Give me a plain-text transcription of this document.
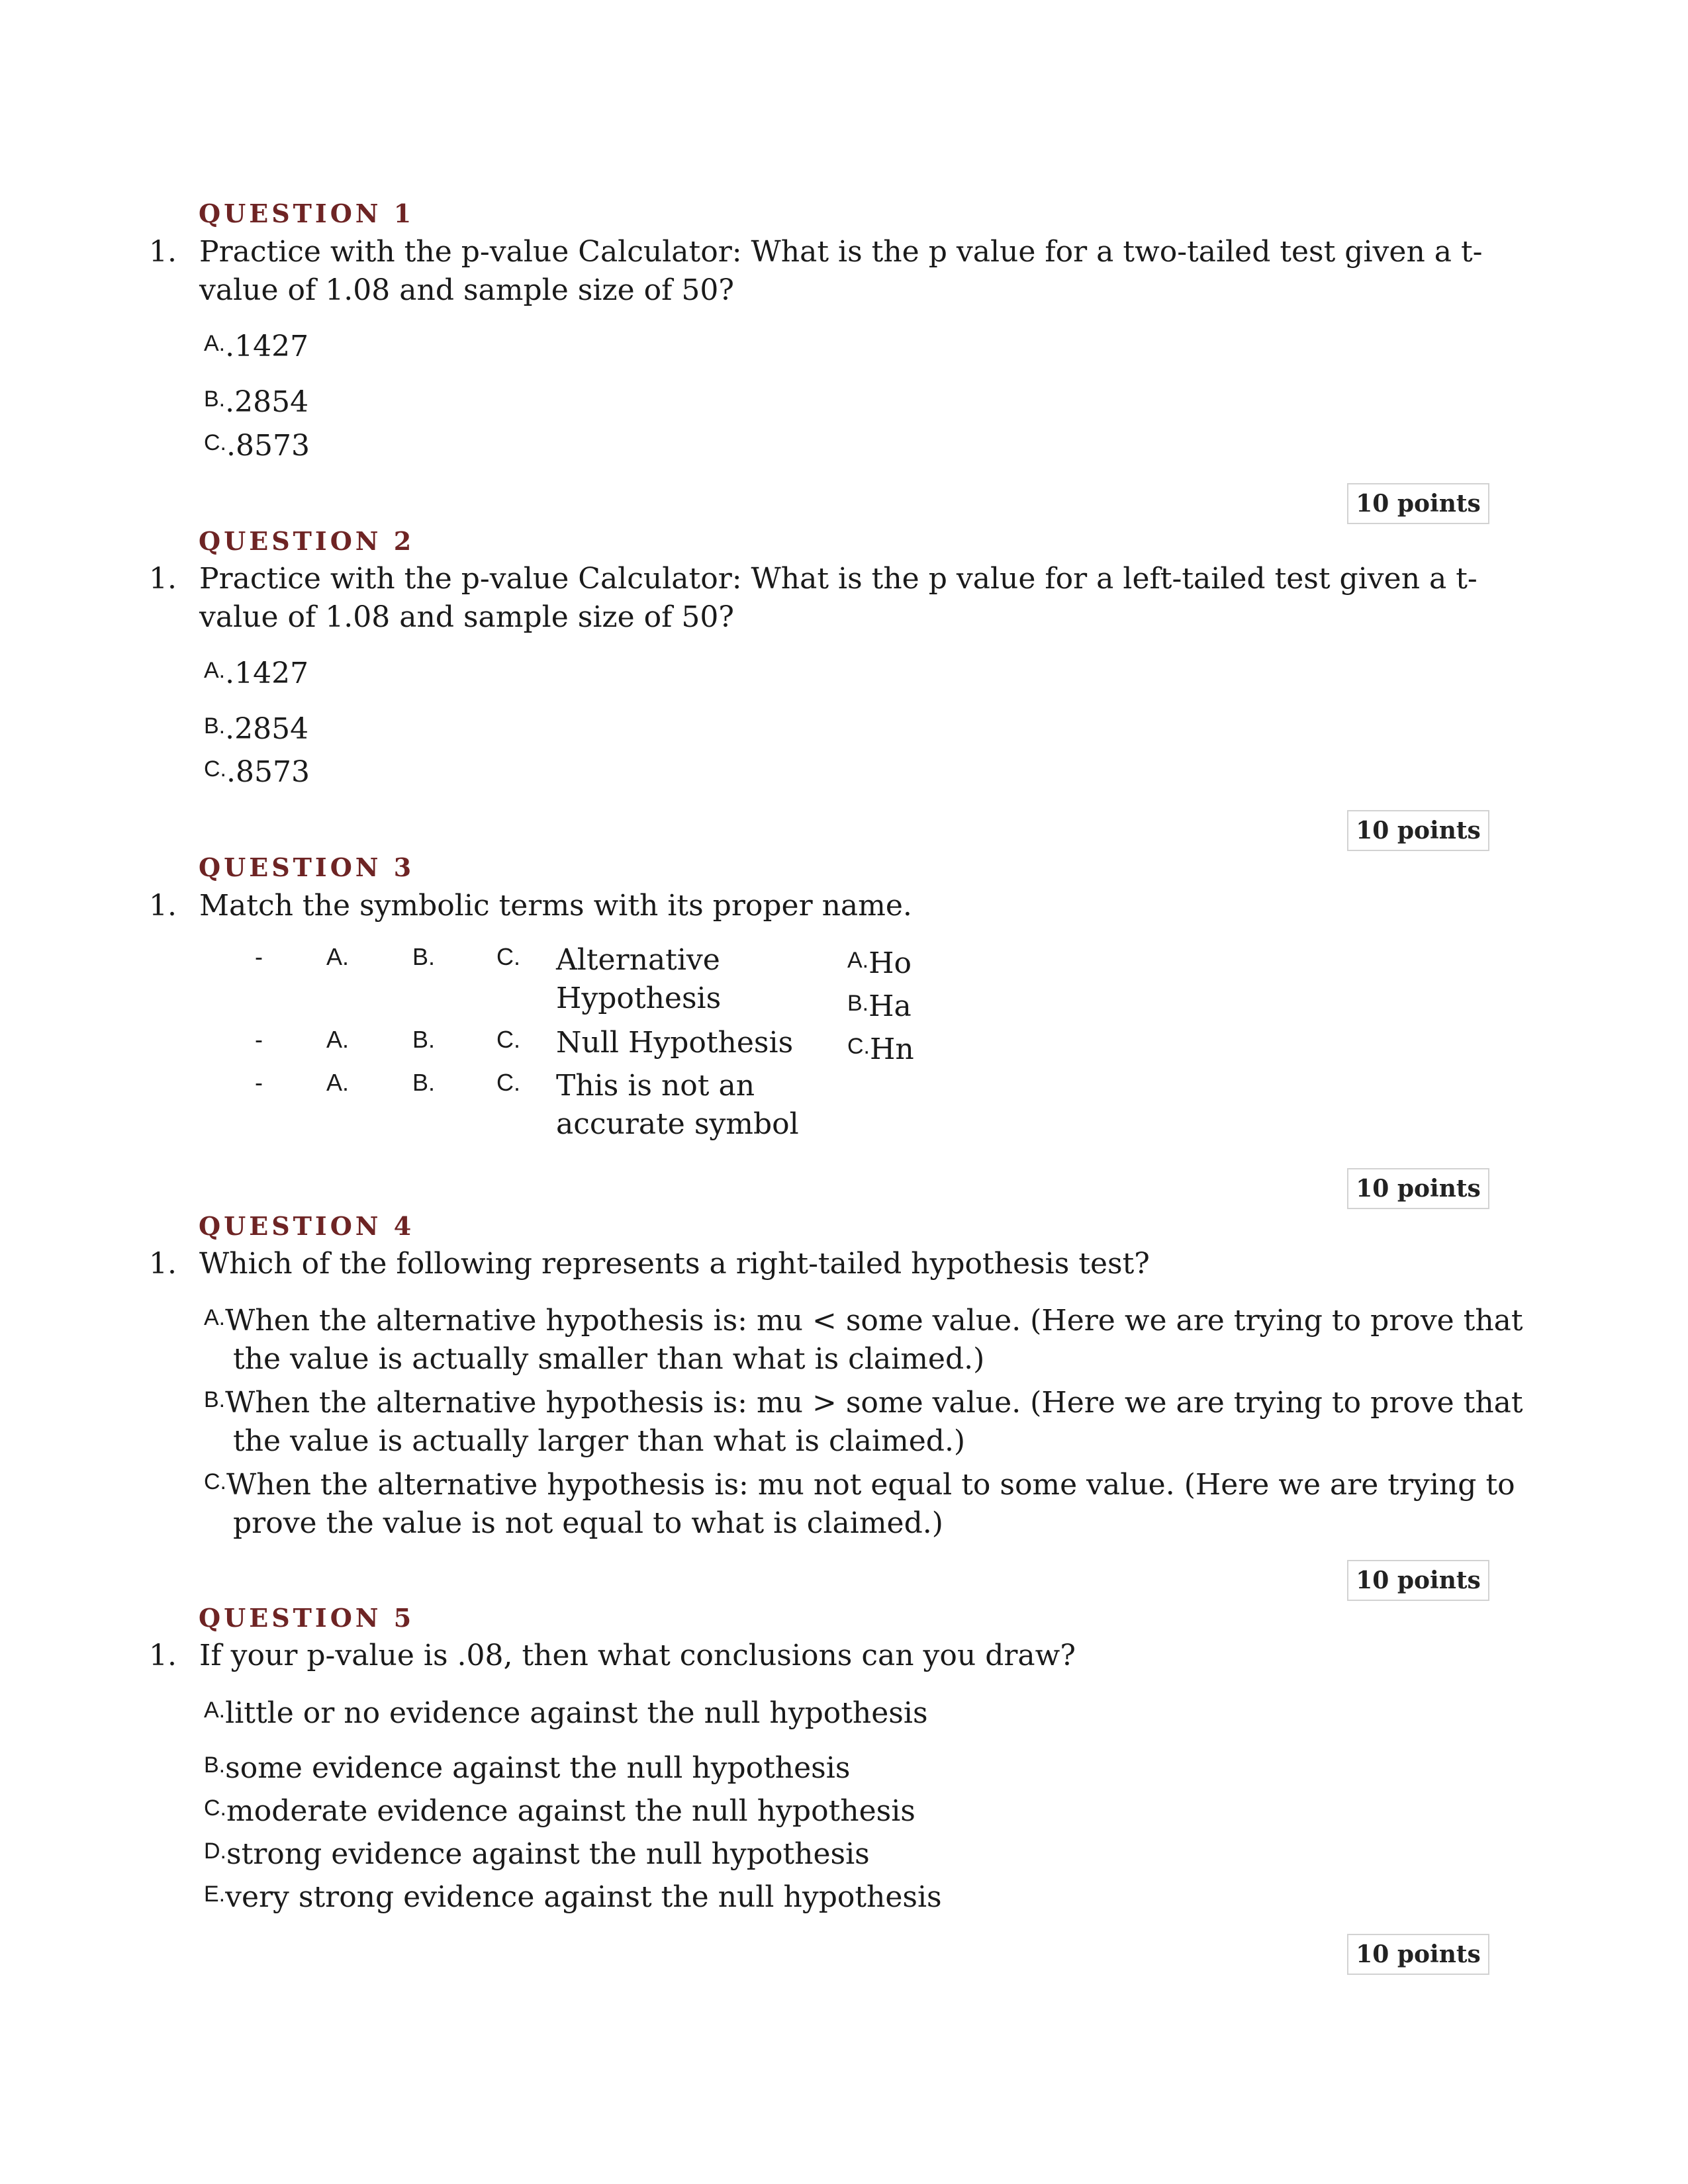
QUESTION 1
1. Practice with the p-value Calculator: What is the p value for a two-tailed test given a t-value of 1.08 and sample size of 50?
A..1427
B..2854
C..8573
10 points
QUESTION 2
1. Practice with the p-value Calculator: What is the p value for a left-tailed test given a t-value of 1.08 and sample size of 50?
A..1427
B..2854
C..8573
10 points
QUESTION 3
1. Match the symbolic terms with its proper name.
-	A.	B.	C. Alternative Hypothesis
-	A.	B.	C. Null Hypothesis
-	A.	B.	C. This is not an accurate symbol
A.Ho
B.Ha
C.Hn
10 points
QUESTION 4
1. Which of the following represents a right-tailed hypothesis test?
A.When the alternative hypothesis is: mu < some value. (Here we are trying to prove that the value is actually smaller than what is claimed.)
B.When the alternative hypothesis is: mu > some value. (Here we are trying to prove that the value is actually larger than what is claimed.)
C.When the alternative hypothesis is: mu not equal to some value. (Here we are trying to prove the value is not equal to what is claimed.)
10 points
QUESTION 5
1. If your p-value is .08, then what conclusions can you draw?
A.little or no evidence against the null hypothesis
B.some evidence against the null hypothesis
C.moderate evidence against the null hypothesis
D.strong evidence against the null hypothesis
E.very strong evidence against the null hypothesis
10 points
